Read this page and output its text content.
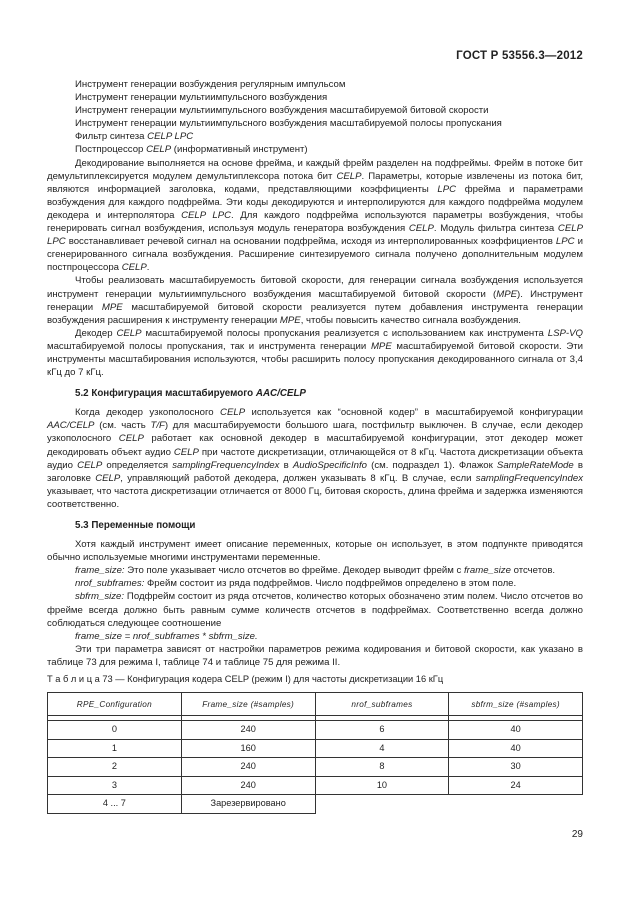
ГОСТ Р 53556.3—2012

Инструмент генерации возбуждения регулярным импульсом

Инструмент генерации мультиимпульсного возбуждения

Инструмент генерации мультиимпульсного возбуждения масштабируемой битовой скорости

Инструмент генерации мультиимпульсного возбуждения масштабируемой полосы пропускания

Фильтр синтеза CELP LPC

Постпроцессор CELP (информативный инструмент)

Декодирование выполняется на основе фрейма, и каждый фрейм разделен на подфреймы. Фрейм в потоке бит демультиплексируется модулем демультиплексора потока бит CELP. Параметры, которые извлечены из потока бит, являются информацией заголовка, кодами, представляющими коэффициенты LPC фрейма и параметрами возбуждения для каждого подфрейма. Эти коды декодируются и интерполируются для каждого подфрейма модулем декодера и интерполятора CELP LPC. Для каждого подфрейма используются параметры возбуждения, чтобы генерировать сигнал возбуждения, используя модуль генератора возбуждения CELP. Модуль фильтра синтеза CELP LPC восстанавливает речевой сигнал на основании подфрейма, исходя из интерполированных коэффициентов LPC и сгенерированного сигнала возбуждения. Расширение синтезируемого сигнала получено дополнительным модулем постпроцессора CELP.

Чтобы реализовать масштабируемость битовой скорости, для генерации сигнала возбуждения используется инструмент генерации мультиимпульсного возбуждения масштабируемой битовой скорости (MPE). Инструмент генерации MPE масштабируемой битовой скорости реализуется путем добавления инструмента генерации возбуждения расширения к инструменту генерации MPE, чтобы повысить качество сигнала возбуждения.

Декодер CELP масштабируемой полосы пропускания реализуется с использованием как инструмента LSP-VQ масштабируемой полосы пропускания, так и инструмента генерации MPE масштабируемой битовой скорости. Эти инструменты масштабирования используются, чтобы расширить полосу пропускания декодированного сигнала от 3,4 кГц до 7 кГц.

5.2 Конфигурация масштабируемого AAC/CELP

Когда декодер узкополосного CELP используется как “основной кодер” в масштабируемой конфигурации AAC/CELP (см. часть T/F) для масштабируемости большого шага, постфильтр выключен. В случае, если декодер узкополосного CELP работает как основной декодер в масштабируемой конфигурации, этот декодер может декодировать объект аудио CELP при частоте дискретизации, отличающейся от 8 кГц. Частота дискретизации объекта аудио CELP определяется samplingFrequencyIndex в AudioSpecificInfo (см. подраздел 1). Флажок SampleRateMode в заголовке CELP, управляющий работой декодера, должен указывать 8 кГц. В случае, если samplingFrequencyIndex указывает, что частота дискретизации отличается от 8000 Гц, битовая скорость, длина фрейма и задержка изменяются соответственно.

5.3 Переменные помощи

Хотя каждый инструмент имеет описание переменных, которые он использует, в этом подпункте приводятся обычно используемые многими инструментами переменные.

frame_size: Это поле указывает число отсчетов во фрейме. Декодер выводит фрейм с frame_size отсчетов.

nrof_subframes: Фрейм состоит из ряда подфреймов. Число подфреймов определено в этом поле.

sbfrm_size: Подфрейм состоит из ряда отсчетов, количество которых обозначено этим полем. Число отсчетов во фрейме всегда должно быть равным сумме количеств отсчетов в подфреймах. Соответственно всегда должно соблюдаться следующее соотношение

frame_size = nrof_subframes * sbfrm_size.

Эти три параметра зависят от настройки параметров режима кодирования и битовой скорости, как указано в таблице 73 для режима I, таблице 74 и таблице 75 для режима II.

Т а б л и ц а 73 — Конфигурация кодера CELP (режим I) для частоты дискретизации 16 кГц
RPE_Configuration	Frame_size (#samples)	nrof_subframes	sbfrm_size (#samples)

0	240	6	40
1	160	4	40
2	240	8	30
3	240	10	24
4 ... 7	Зарезервировано		
29
